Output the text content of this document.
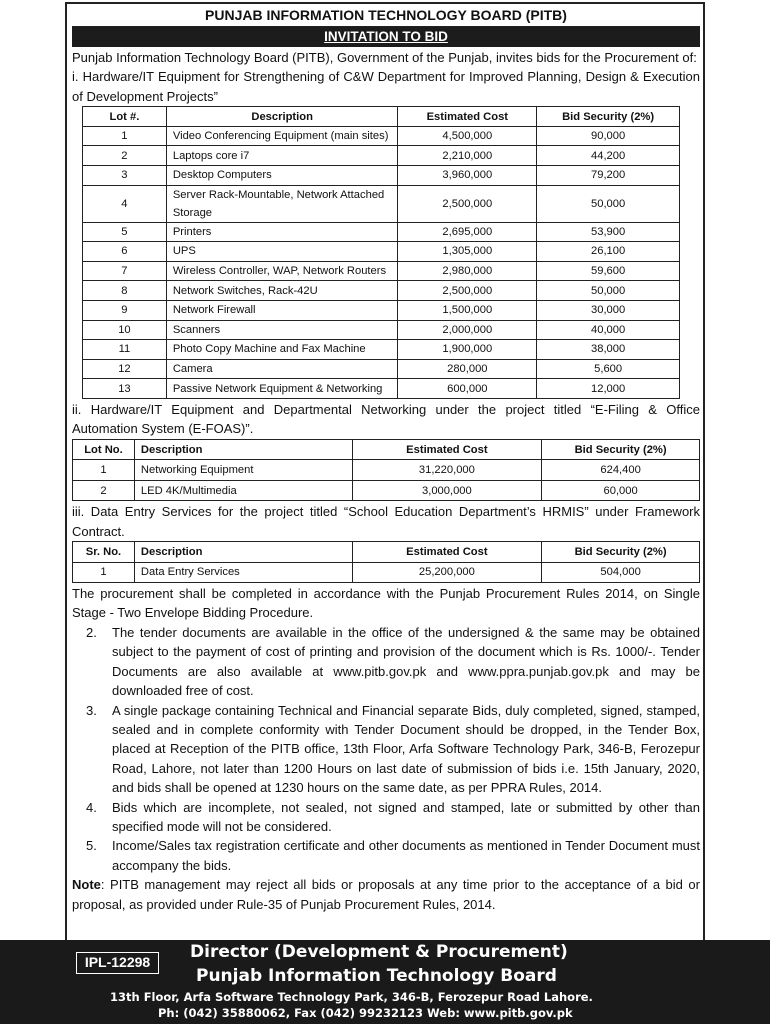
PUNJAB INFORMATION TECHNOLOGY BOARD (PITB)
INVITATION TO BID

Punjab Information Technology Board (PITB), Government of the Punjab, invites bids for the Procurement of:

i. Hardware/IT Equipment for Strengthening of C&W Department for Improved Planning, Design & Execution of Development Projects”

Lot #.	Description	Estimated Cost	Bid Security (2%)
1	Video Conferencing Equipment (main sites)	4,500,000	90,000
2	Laptops core i7	2,210,000	44,200
3	Desktop Computers	3,960,000	79,200
4	Server Rack-Mountable, Network Attached Storage	2,500,000	50,000
5	Printers	2,695,000	53,900
6	UPS	1,305,000	26,100
7	Wireless Controller, WAP, Network Routers	2,980,000	59,600
8	Network Switches, Rack-42U	2,500,000	50,000
9	Network Firewall	1,500,000	30,000
10	Scanners	2,000,000	40,000
11	Photo Copy Machine and Fax Machine	1,900,000	38,000
12	Camera	280,000	5,600
13	Passive Network Equipment & Networking	600,000	12,000

ii. Hardware/IT Equipment and Departmental Networking under the project titled “E-Filing & Office Automation System (E-FOAS)”.

Lot No.	Description	Estimated Cost	Bid Security (2%)
1	Networking Equipment	31,220,000	624,400
2	LED 4K/Multimedia	3,000,000	60,000

iii. Data Entry Services for the project titled “School Education Department’s HRMIS” under Framework Contract.

Sr. No.	Description	Estimated Cost	Bid Security (2%)
1	Data Entry Services	25,200,000	504,000

The procurement shall be completed in accordance with the Punjab Procurement Rules 2014, on Single Stage - Two Envelope Bidding Procedure.

2. The tender documents are available in the office of the undersigned & the same may be obtained subject to the payment of cost of printing and provision of the document which is Rs. 1000/-. Tender Documents are also available at www.pitb.gov.pk and www.ppra.punjab.gov.pk and may be downloaded free of cost.
3. A single package containing Technical and Financial separate Bids, duly completed, signed, stamped, sealed and in complete conformity with Tender Document should be dropped, in the Tender Box, placed at Reception of the PITB office, 13th Floor, Arfa Software Technology Park, 346-B, Ferozepur Road, Lahore, not later than 1200 Hours on last date of submission of bids i.e. 15th January, 2020, and bids shall be opened at 1230 hours on the same date, as per PPRA Rules, 2014.
4. Bids which are incomplete, not sealed, not signed and stamped, late or submitted by other than specified mode will not be considered.
5. Income/Sales tax registration certificate and other documents as mentioned in Tender Document must accompany the bids.
Note: PITB management may reject all bids or proposals at any time prior to the acceptance of a bid or proposal, as provided under Rule-35 of Punjab Procurement Rules, 2014.
IPL-12298	Director (Development & Procurement)
Punjab Information Technology Board
13th Floor, Arfa Software Technology Park, 346-B, Ferozepur Road Lahore.
Ph: (042) 35880062, Fax (042) 99232123 Web: www.pitb.gov.pk
